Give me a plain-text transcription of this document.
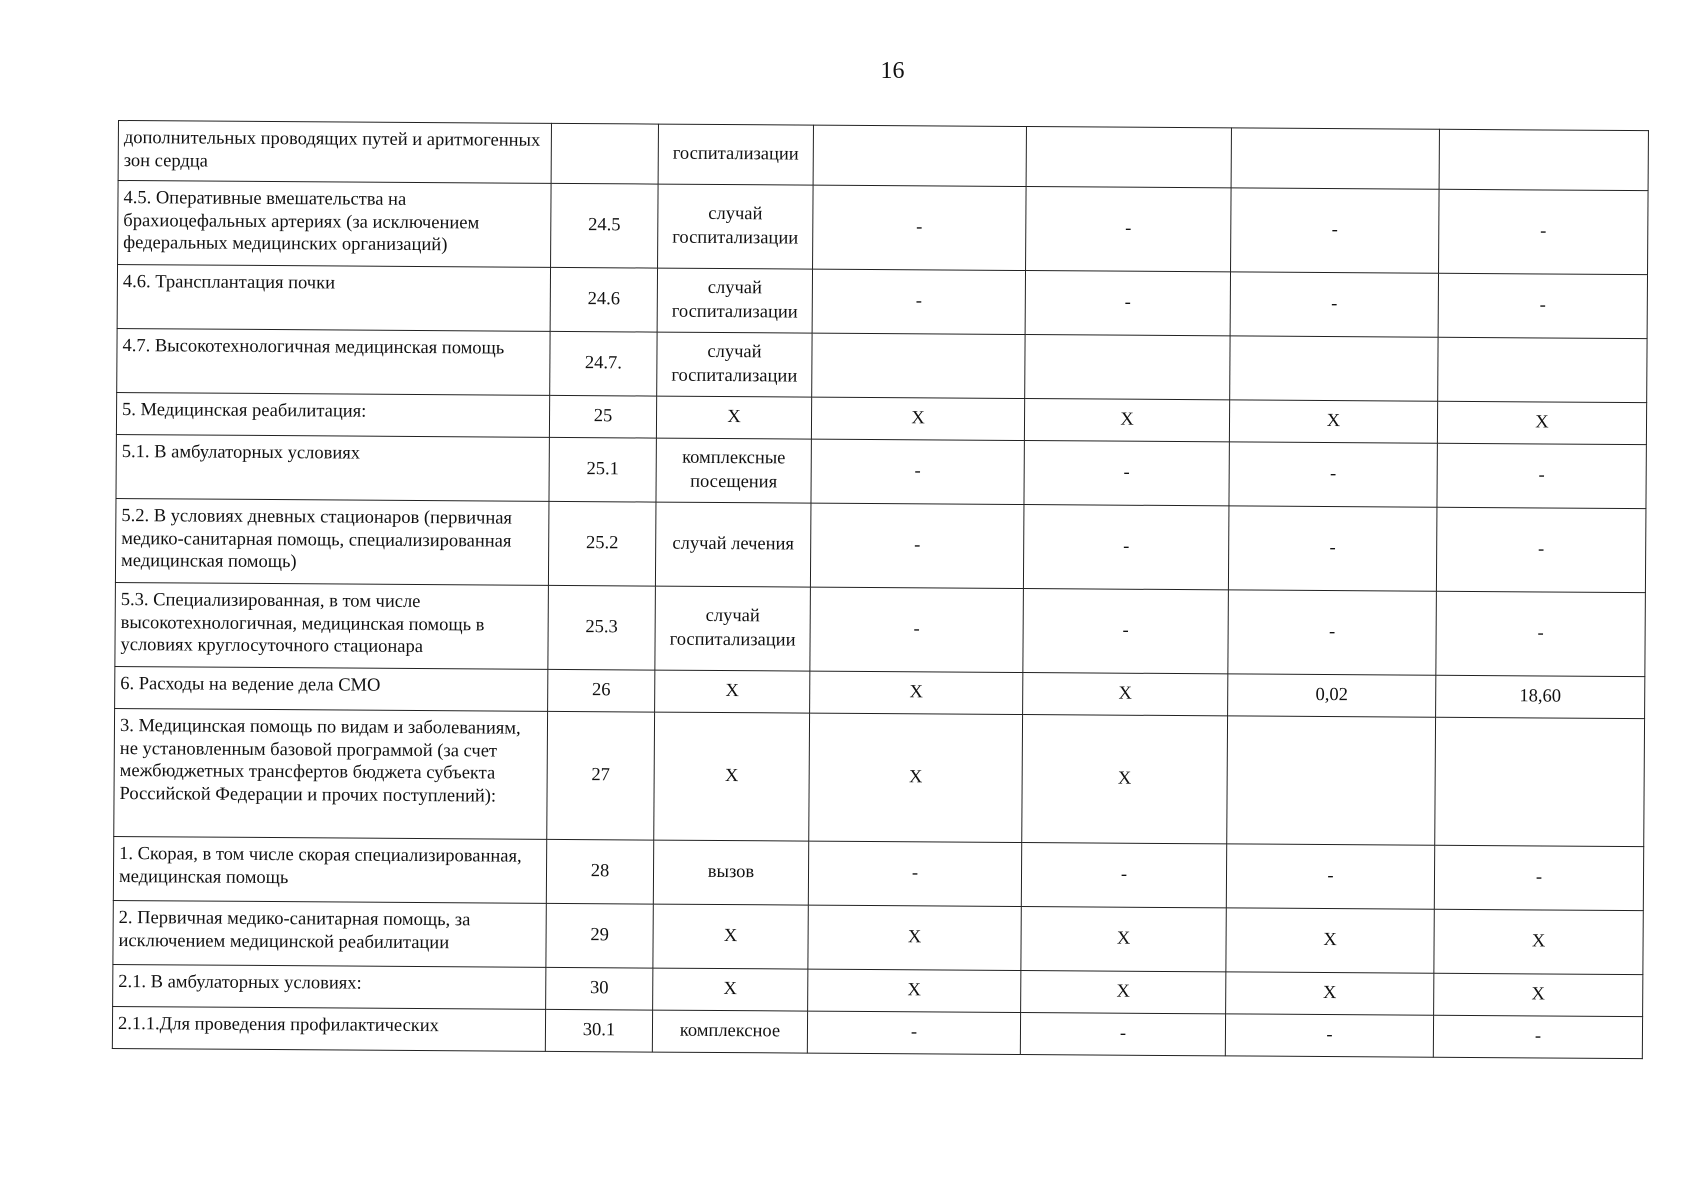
16
дополнительных проводящих путей и аритмогенных зон сердца		госпитализации				
4.5. Оперативные вмешательства на брахиоцефальных артериях (за исключением федеральных медицинских организаций)	24.5	случай госпитализации	-	-	-	-
4.6. Трансплантация почки	24.6	случай госпитализации	-	-	-	-
4.7. Высокотехнологичная медицинская помощь	24.7.	случай госпитализации				
5. Медицинская реабилитация:	25	Х	Х	Х	Х	Х
5.1. В амбулаторных условиях	25.1	комплексные посещения	-	-	-	-
5.2. В условиях дневных стационаров (первичная медико-санитарная помощь, специализированная медицинская помощь)	25.2	случай лечения	-	-	-	-
5.3. Специализированная, в том числе высокотехнологичная, медицинская помощь в условиях круглосуточного стационара	25.3	случай госпитализации	-	-	-	-
6. Расходы на ведение дела СМО	26	Х	Х	Х	0,02	18,60
3. Медицинская помощь по видам и заболеваниям, не установленным базовой программой (за счет межбюджетных трансфертов бюджета субъекта Российской Федерации и прочих поступлений):	27	Х	Х	Х		
1. Скорая, в том числе скорая специализированная, медицинская помощь	28	вызов	-	-	-	-
2. Первичная медико-санитарная помощь, за исключением медицинской реабилитации	29	Х	Х	Х	Х	Х
2.1. В амбулаторных условиях:	30	Х	Х	Х	Х	Х
2.1.1.Для проведения профилактических	30.1	комплексное	-	-	-	-
